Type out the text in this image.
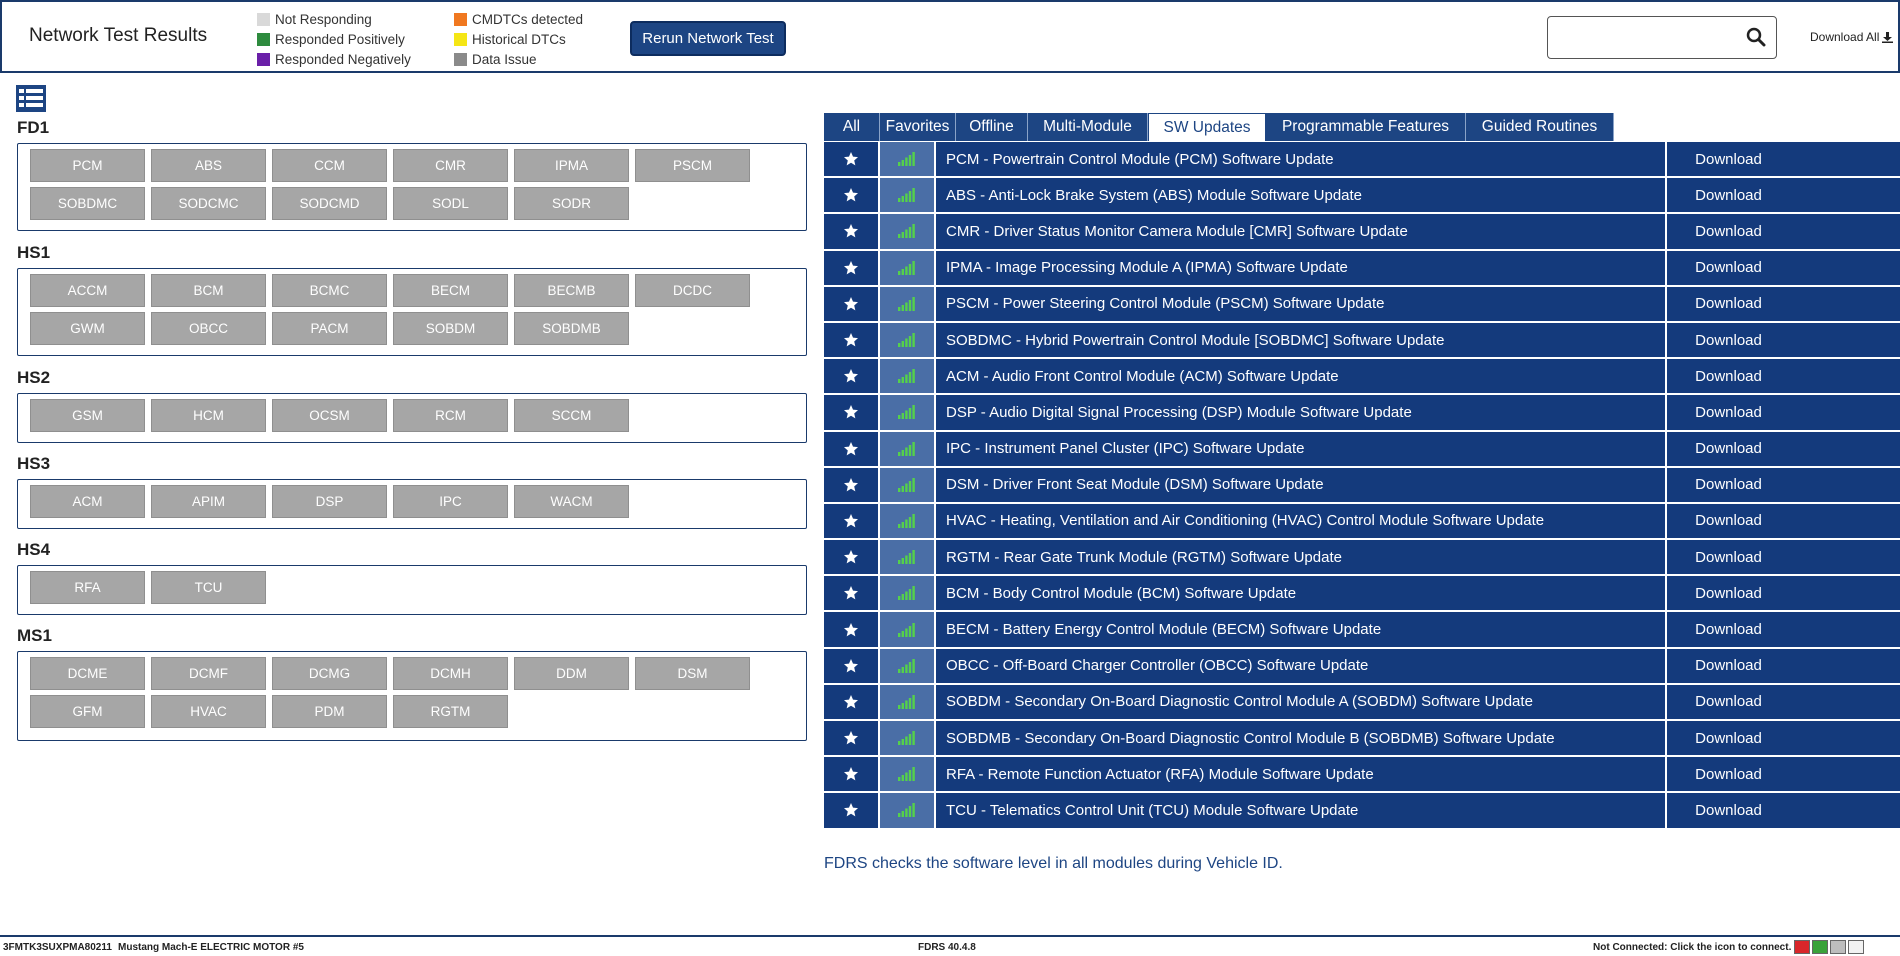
Network Test Results
Not Responding
Responded Positively
Responded Negatively
CMDTCs detected
Historical DTCs
Data Issue
Rerun Network Test	Download All
FD1
PCM	ABS	CCM	CMR	IPMA	PSCM
SOBDMC	SODCMC	SODCMD	SODL	SODR
HS1
ACCM	BCM	BCMC	BECM	BECMB	DCDC
GWM	OBCC	PACM	SOBDM	SOBDMB
HS2
GSM	HCM	OCSM	RCM	SCCM
HS3
ACM	APIM	DSP	IPC	WACM
HS4
RFA	TCU
MS1
DCME	DCMF	DCMG	DCMH	DDM	DSM
GFM	HVAC	PDM	RGTM
All	Favorites	Offline	Multi-Module	SW Updates	Programmable Features	Guided Routines
PCM - Powertrain Control Module (PCM) Software Update	Download
ABS - Anti-Lock Brake System (ABS) Module Software Update	Download
CMR - Driver Status Monitor Camera Module [CMR] Software Update	Download
IPMA - Image Processing Module A (IPMA) Software Update	Download
PSCM - Power Steering Control Module (PSCM) Software Update	Download
SOBDMC - Hybrid Powertrain Control Module [SOBDMC] Software Update	Download
ACM - Audio Front Control Module (ACM) Software Update	Download
DSP - Audio Digital Signal Processing (DSP) Module Software Update	Download
IPC - Instrument Panel Cluster (IPC) Software Update	Download
DSM - Driver Front Seat Module (DSM) Software Update	Download
HVAC - Heating, Ventilation and Air Conditioning (HVAC) Control Module Software Update	Download
RGTM - Rear Gate Trunk Module (RGTM) Software Update	Download
BCM - Body Control Module (BCM) Software Update	Download
BECM - Battery Energy Control Module (BECM) Software Update	Download
OBCC - Off-Board Charger Controller (OBCC) Software Update	Download
SOBDM - Secondary On-Board Diagnostic Control Module A (SOBDM) Software Update	Download
SOBDMB - Secondary On-Board Diagnostic Control Module B (SOBDMB) Software Update	Download
RFA - Remote Function Actuator (RFA) Module Software Update	Download
TCU - Telematics Control Unit (TCU) Module Software Update	Download
FDRS checks the software level in all modules during Vehicle ID.
3FMTK3SUXPMA80211 Mustang Mach-E ELECTRIC MOTOR #5	FDRS 40.4.8	Not Connected: Click the icon to connect.
